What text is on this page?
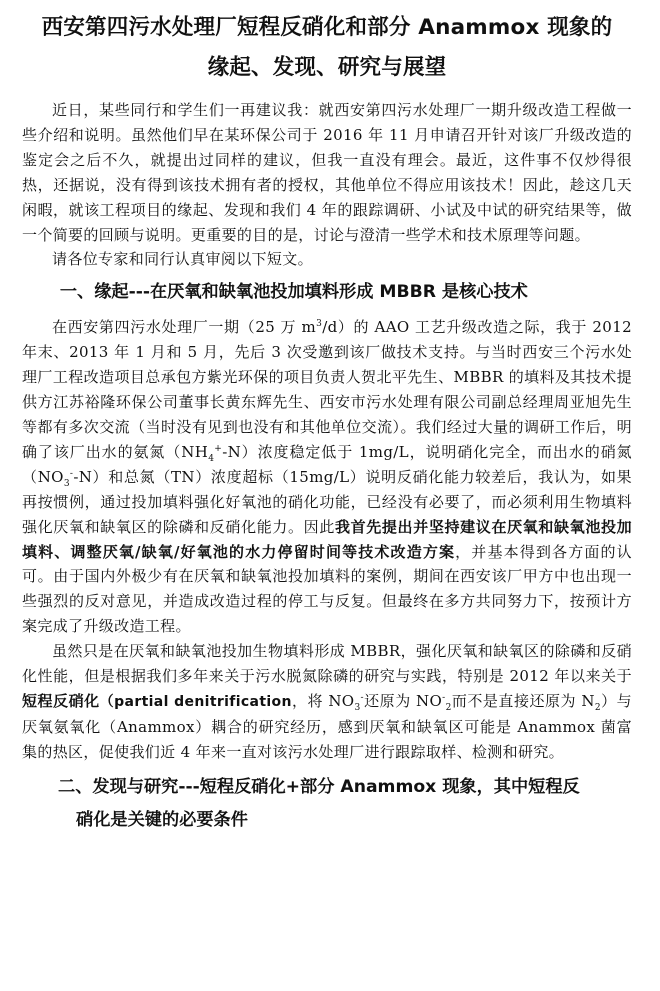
西安第四污水处理厂短程反硝化和部分 Anammox 现象的
缘起、发现、研究与展望

近日，某些同行和学生们一再建议我：就西安第四污水处理厂一期升级改造工程做一些介绍和说明。虽然他们早在某环保公司于 2016 年 11 月申请召开针对该厂升级改造的鉴定会之后不久，就提出过同样的建议，但我一直没有理会。最近，这件事不仅炒得很热，还据说，没有得到该技术拥有者的授权，其他单位不得应用该技术！因此，趁这几天闲暇，就该工程项目的缘起、发现和我们 4 年的跟踪调研、小试及中试的研究结果等，做一个简要的回顾与说明。更重要的目的是，讨论与澄清一些学术和技术原理等问题。

请各位专家和同行认真审阅以下短文。

一、缘起---在厌氧和缺氧池投加填料形成 MBBR 是核心技术

在西安第四污水处理厂一期（25 万 $m^3/d$）的 AAO 工艺升级改造之际，我于 2012 年末、2013 年 1 月和 5 月，先后 3 次受邀到该厂做技术支持。与当时西安三个污水处理厂工程改造项目总承包方紫光环保的项目负责人贺北平先生、MBBR 的填料及其技术提供方江苏裕隆环保公司董事长黄东辉先生、西安市污水处理有限公司副总经理周亚旭先生等都有多次交流（当时没有见到也没有和其他单位交流）。我们经过大量的调研工作后，明确了该厂出水的氨氮$(NH_4^+-N)$浓度稳定低于 1mg/L，说明硝化完全，而出水的硝氮$(NO_3^--N)$和总氮（TN）浓度超标（15mg/L）说明反硝化能力较差后，我认为，如果再按惯例，通过投加填料强化好氧池的硝化功能，已经没有必要了，而必须利用生物填料强化厌氧和缺氧区的除磷和反硝化能力。因此我首先提出并坚持建议在厌氧和缺氧池投加填料、调整厌氧/缺氧/好氧池的水力停留时间等技术改造方案，并基本得到各方面的认可。由于国内外极少有在厌氧和缺氧池投加填料的案例，期间在西安该厂甲方中也出现一些强烈的反对意见，并造成改造过程的停工与反复。但最终在多方共同努力下，按预计方案完成了升级改造工程。

虽然只是在厌氧和缺氧池投加生物填料形成 MBBR，强化厌氧和缺氧区的除磷和反硝化性能，但是根据我们多年来关于污水脱氮除磷的研究与实践，特别是 2012 年以来关于短程反硝化（partial denitrification，将 $NO_3^-$还原为 $NO^-_2$而不是直接还原为 $N_2$）与厌氧氨氧化（Anammox）耦合的研究经历，感到厌氧和缺氧区可能是 Anammox 菌富集的热区，促使我们近 4 年来一直对该污水处理厂进行跟踪取样、检测和研究。

二、发现与研究---短程反硝化+部分 Anammox 现象，其中短程反
硝化是关键的必要条件
